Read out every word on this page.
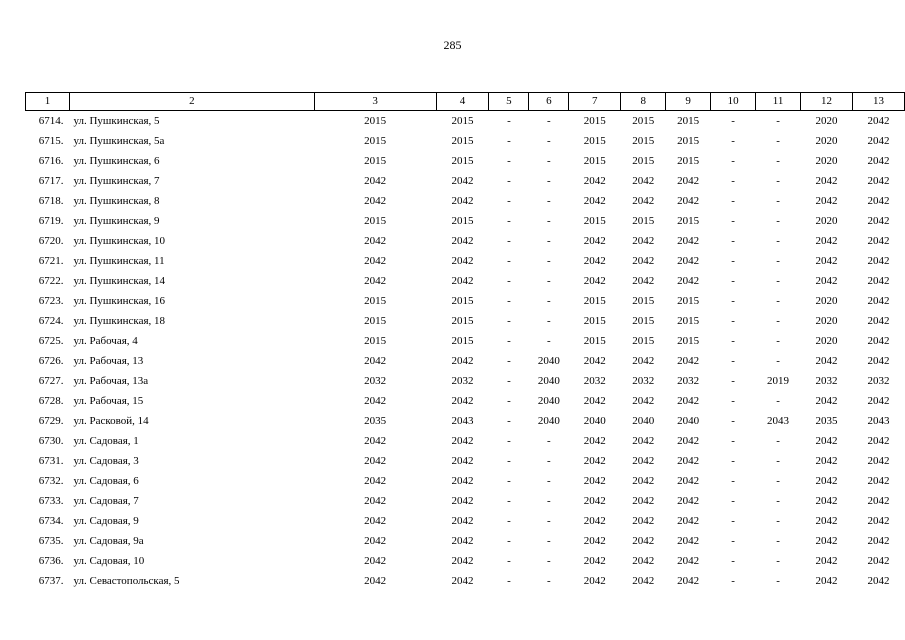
285
1	2	3	4	5	6	7	8	9	10	11	12	13
6714.	ул. Пушкинская, 5	2015	2015	-	-	2015	2015	2015	-	-	2020	2042
6715.	ул. Пушкинская, 5а	2015	2015	-	-	2015	2015	2015	-	-	2020	2042
6716.	ул. Пушкинская, 6	2015	2015	-	-	2015	2015	2015	-	-	2020	2042
6717.	ул. Пушкинская, 7	2042	2042	-	-	2042	2042	2042	-	-	2042	2042
6718.	ул. Пушкинская, 8	2042	2042	-	-	2042	2042	2042	-	-	2042	2042
6719.	ул. Пушкинская, 9	2015	2015	-	-	2015	2015	2015	-	-	2020	2042
6720.	ул. Пушкинская, 10	2042	2042	-	-	2042	2042	2042	-	-	2042	2042
6721.	ул. Пушкинская, 11	2042	2042	-	-	2042	2042	2042	-	-	2042	2042
6722.	ул. Пушкинская, 14	2042	2042	-	-	2042	2042	2042	-	-	2042	2042
6723.	ул. Пушкинская, 16	2015	2015	-	-	2015	2015	2015	-	-	2020	2042
6724.	ул. Пушкинская, 18	2015	2015	-	-	2015	2015	2015	-	-	2020	2042
6725.	ул. Рабочая, 4	2015	2015	-	-	2015	2015	2015	-	-	2020	2042
6726.	ул. Рабочая, 13	2042	2042	-	2040	2042	2042	2042	-	-	2042	2042
6727.	ул. Рабочая, 13а	2032	2032	-	2040	2032	2032	2032	-	2019	2032	2032
6728.	ул. Рабочая, 15	2042	2042	-	2040	2042	2042	2042	-	-	2042	2042
6729.	ул. Расковой, 14	2035	2043	-	2040	2040	2040	2040	-	2043	2035	2043
6730.	ул. Садовая, 1	2042	2042	-	-	2042	2042	2042	-	-	2042	2042
6731.	ул. Садовая, 3	2042	2042	-	-	2042	2042	2042	-	-	2042	2042
6732.	ул. Садовая, 6	2042	2042	-	-	2042	2042	2042	-	-	2042	2042
6733.	ул. Садовая, 7	2042	2042	-	-	2042	2042	2042	-	-	2042	2042
6734.	ул. Садовая, 9	2042	2042	-	-	2042	2042	2042	-	-	2042	2042
6735.	ул. Садовая, 9а	2042	2042	-	-	2042	2042	2042	-	-	2042	2042
6736.	ул. Садовая, 10	2042	2042	-	-	2042	2042	2042	-	-	2042	2042
6737.	ул. Севастопольская, 5	2042	2042	-	-	2042	2042	2042	-	-	2042	2042
